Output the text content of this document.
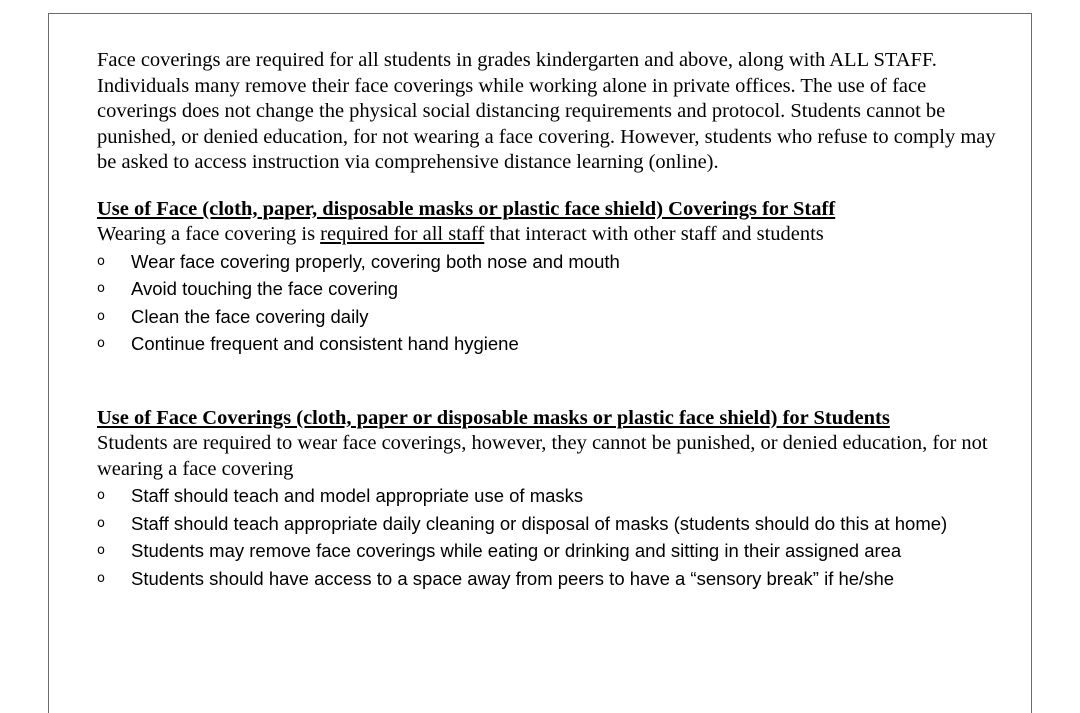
Face coverings are required for all students in grades kindergarten and above, along with ALL STAFF. Individuals many remove their face coverings while working alone in private offices. The use of face coverings does not change the physical social distancing requirements and protocol. Students cannot be punished, or denied education, for not wearing a face covering. However, students who refuse to comply may be asked to access instruction via comprehensive distance learning (online).

Use of Face (cloth, paper, disposable masks or plastic face shield) Coverings for Staff

Wearing a face covering is required for all staff that interact with other staff and students

o Wear face covering properly, covering both nose and mouth
o Avoid touching the face covering
o Clean the face covering daily
o Continue frequent and consistent hand hygiene

Use of Face Coverings (cloth, paper or disposable masks or plastic face shield) for Students

Students are required to wear face coverings, however, they cannot be punished, or denied education, for not wearing a face covering

o Staff should teach and model appropriate use of masks
o Staff should teach appropriate daily cleaning or disposal of masks (students should do this at home)
o Students may remove face coverings while eating or drinking and sitting in their assigned area
o Students should have access to a space away from peers to have a “sensory break” if he/she
